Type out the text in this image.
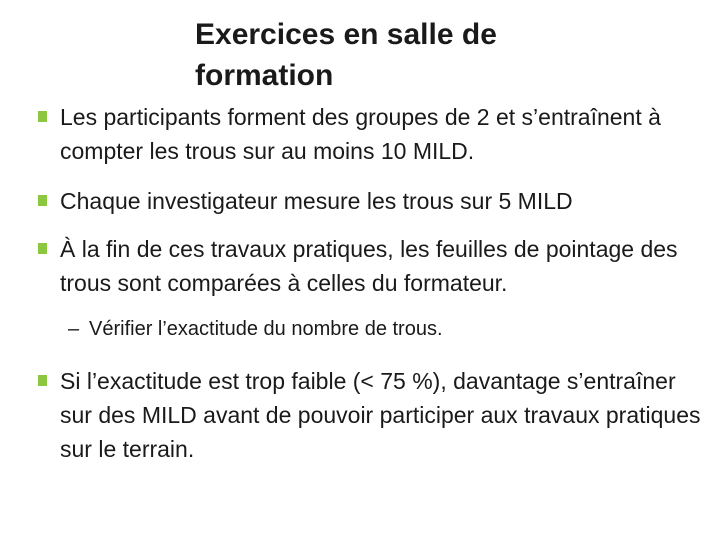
Exercices en salle de formation
Les participants forment des groupes de 2 et s’entraînent à compter les trous sur au moins 10 MILD.
Chaque investigateur mesure les trous sur 5 MILD
À la fin de ces travaux pratiques, les feuilles de pointage des trous sont comparées à celles du formateur.
– Vérifier l’exactitude du nombre de trous.
Si l’exactitude est trop faible (< 75 %), davantage s’entraîner sur des MILD avant de pouvoir participer aux travaux pratiques sur le terrain.
